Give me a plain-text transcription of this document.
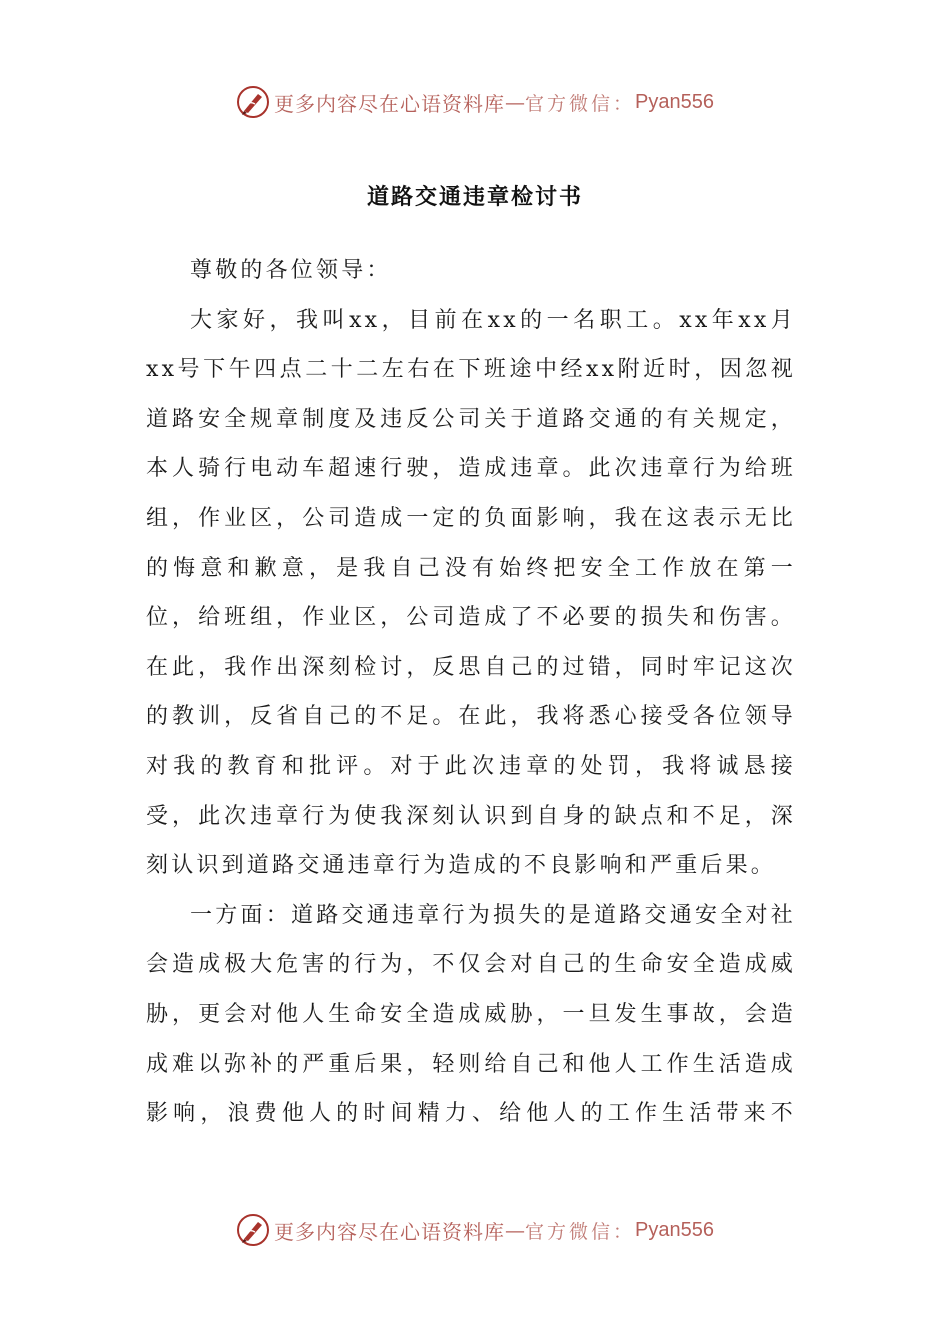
更多内容尽在心语资料库 — 官方微信： Pyan556
道路交通违章检讨书

尊敬的各位领导：

大家好，我叫xx，目前在xx的一名职工。xx年xx月xx号下午四点二十二左右在下班途中经xx附近时，因忽视道路安全规章制度及违反公司关于道路交通的有关规定，本人骑行电动车超速行驶，造成违章。此次违章行为给班组，作业区，公司造成一定的负面影响，我在这表示无比的悔意和歉意，是我自己没有始终把安全工作放在第一位，给班组，作业区，公司造成了不必要的损失和伤害。在此，我作出深刻检讨，反思自己的过错，同时牢记这次的教训，反省自己的不足。在此，我将悉心接受各位领导对我的教育和批评。对于此次违章的处罚，我将诚恳接受，此次违章行为使我深刻认识到自身的缺点和不足，深刻认识到道路交通违章行为造成的不良影响和严重后果。

一方面：道路交通违章行为损失的是道路交通安全对社会造成极大危害的行为，不仅会对自己的生命安全造成威胁，更会对他人生命安全造成威胁，一旦发生事故，会造成难以弥补的严重后果，轻则给自己和他人工作生活造成影响，浪费他人的时间精力、给他人的工作生活带来不

更多内容尽在心语资料库 — 官方微信： Pyan556
